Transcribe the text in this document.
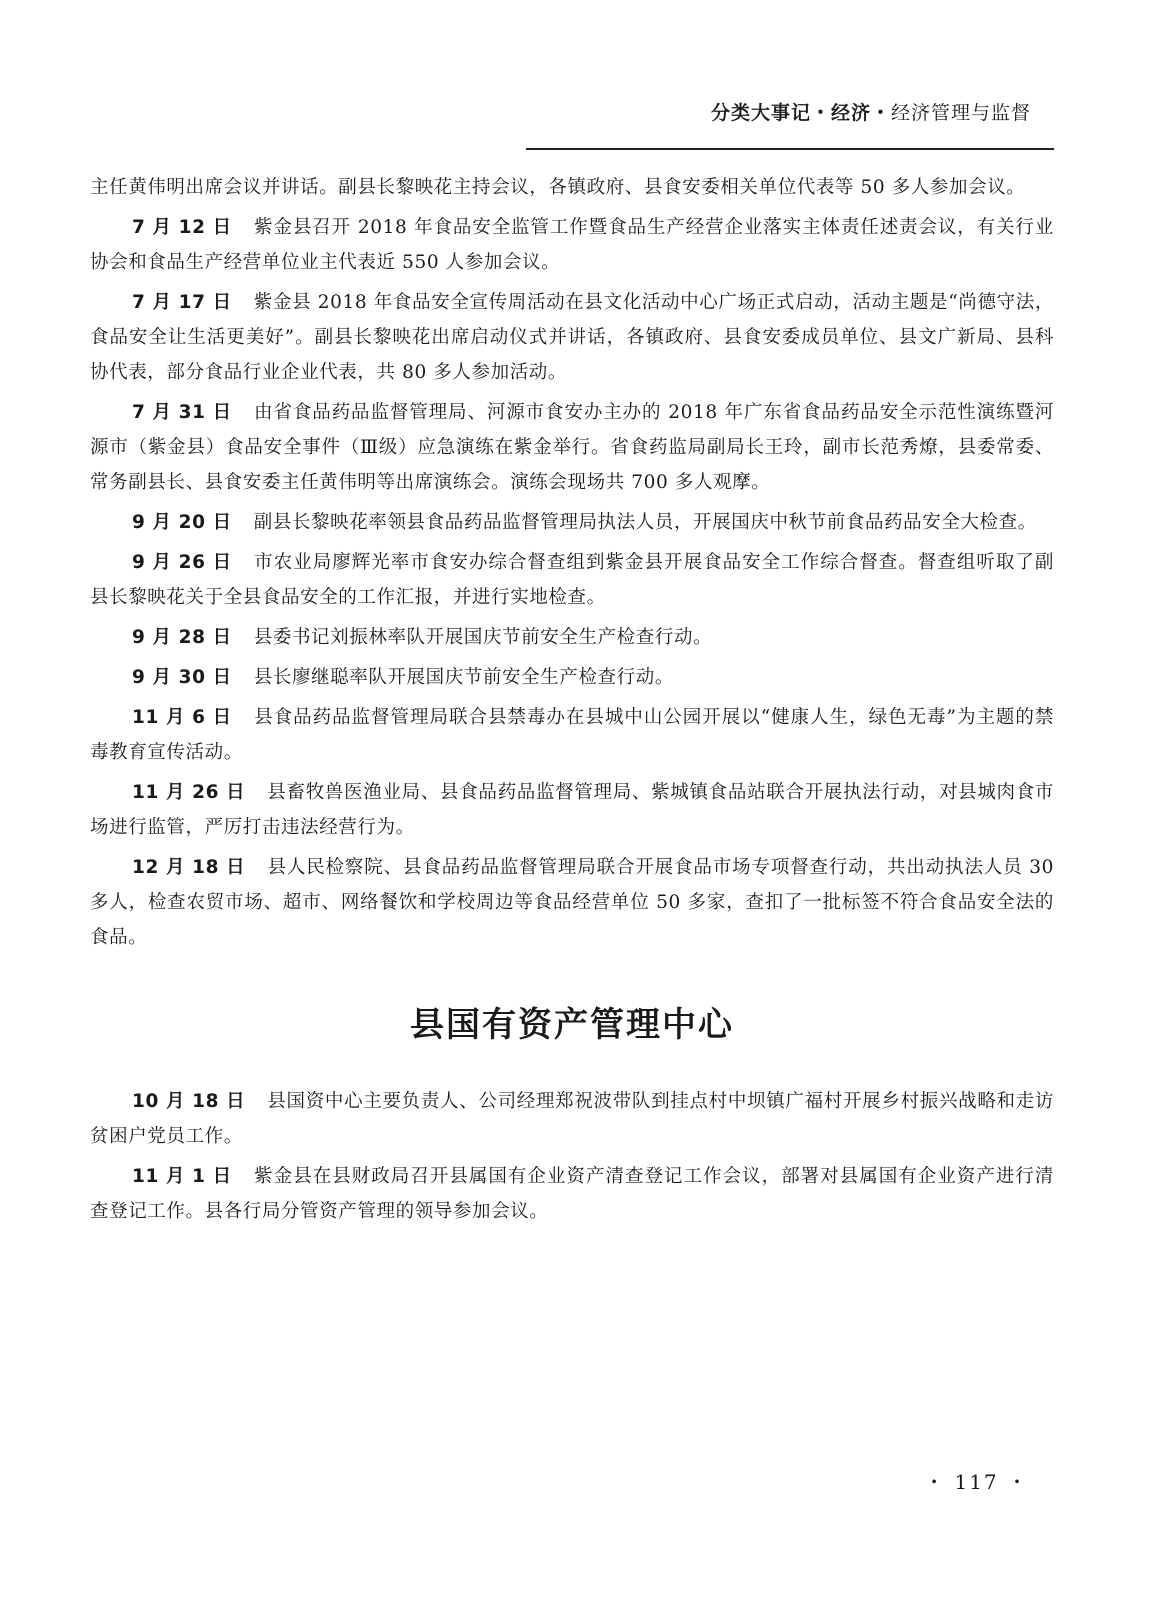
分类大事记・经济・经济管理与监督

主任黄伟明出席会议并讲话。副县长黎映花主持会议，各镇政府、县食安委相关单位代表等 50 多人参加会议。

7 月 12 日 紫金县召开 2018 年食品安全监管工作暨食品生产经营企业落实主体责任述责会议，有关行业协会和食品生产经营单位业主代表近 550 人参加会议。

7 月 17 日 紫金县 2018 年食品安全宣传周活动在县文化活动中心广场正式启动，活动主题是“尚德守法，食品安全让生活更美好”。副县长黎映花出席启动仪式并讲话，各镇政府、县食安委成员单位、县文广新局、县科协代表，部分食品行业企业代表，共 80 多人参加活动。

7 月 31 日 由省食品药品监督管理局、河源市食安办主办的 2018 年广东省食品药品安全示范性演练暨河源市（紫金县）食品安全事件（Ⅲ级）应急演练在紫金举行。省食药监局副局长王玲，副市长范秀燎，县委常委、常务副县长、县食安委主任黄伟明等出席演练会。演练会现场共 700 多人观摩。

9 月 20 日 副县长黎映花率领县食品药品监督管理局执法人员，开展国庆中秋节前食品药品安全大检查。

9 月 26 日 市农业局廖辉光率市食安办综合督查组到紫金县开展食品安全工作综合督查。督查组听取了副县长黎映花关于全县食品安全的工作汇报，并进行实地检查。

9 月 28 日 县委书记刘振林率队开展国庆节前安全生产检查行动。

9 月 30 日 县长廖继聪率队开展国庆节前安全生产检查行动。

11 月 6 日 县食品药品监督管理局联合县禁毒办在县城中山公园开展以“健康人生，绿色无毒”为主题的禁毒教育宣传活动。

11 月 26 日 县畜牧兽医渔业局、县食品药品监督管理局、紫城镇食品站联合开展执法行动，对县城肉食市场进行监管，严厉打击违法经营行为。

12 月 18 日 县人民检察院、县食品药品监督管理局联合开展食品市场专项督查行动，共出动执法人员 30 多人，检查农贸市场、超市、网络餐饮和学校周边等食品经营单位 50 多家，查扣了一批标签不符合食品安全法的食品。

县国有资产管理中心

10 月 18 日 县国资中心主要负责人、公司经理郑祝波带队到挂点村中坝镇广福村开展乡村振兴战略和走访贫困户党员工作。

11 月 1 日 紫金县在县财政局召开县属国有企业资产清查登记工作会议，部署对县属国有企业资产进行清查登记工作。县各行局分管资产管理的领导参加会议。

・ 117 ・
